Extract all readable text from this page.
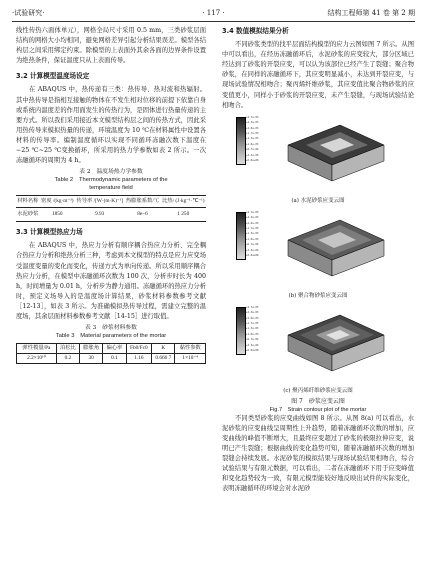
·试验研究·	· 117 ·	结构工程师第 41 卷 第 2 期

线性传热六面体单元），网格全局尺寸采用 0.5 mm，三类砂浆层面结构的网格大小均相同，避免网格差异引起分析结果误差。模型各结构层之间采用绑定约束。除模型的上表面外其余各面的边界条件设置为绝热条件，保证温度只从上表面传导。

3.2 计算模型温度场设定

在 ABAQUS 中，热传递有三类：热传导、热对流和热辐射。其中热传导是指相互接触的物体在不发生相对位移的前提下依靠自身或系统内温度差的作用面发生的传热行为，是固体进行热量传递的主要方式。所以我们采用接近本文模型结构层之间的传热方式，因此采用热传导来模拟热量的传递，环境温度为 10 ℃在材料属性中设置各材料的传导率。编制温度循环以实现不同循环冻融次数下温度在 −25 ℃~25 ℃变换循环，所采用的热力学参数如表 2 所示。一次冻融循环的周期为 4 h。

表 2　温度场热力学参数
Table 2　Thermodynamic parameters of the
temperature field
材料名称	密度 /(kg·m⁻³)	传导率 /[W·(m·K)⁻¹]	热膨胀系数/℃	比热/ (J·kg⁻¹·℃⁻¹)
水泥砂浆	1850	9.93	8e−6	1 250
3.3 计算模型热应力场

在 ABAQUS 中，热应力分析有顺序耦合热应力分析、完全耦合热应力分析和绝热分析三种，考虑到本文模型的特点是应力应变场受温度变量的变化而变化，传递方式为单向传递。所以采用顺序耦合热应力分析，在模型中冻融循环次数为 100 次，分析步时长为 400 h，时间增量为 0.01 h，分析步为静力通用。冻融循环的热应力分析时，预定义场导入的是温度场计算结果，砂浆材料参数参考文献［12-13］，如表 3 所示。为准确模拟热传导过程，需建立完整的温度场，其余层面材料参数参考文献［14-15］进行取值。

表 3　砂浆材料参数
Table 3　Material parameters of the mortar
弹性模量/Pa	泊松比	膨胀角	偏心率	Fb0/Fc0	K	黏性参数
2.2×10¹⁰	0.2	30	0.1	1.16	0.666 7	1×10⁻⁴
3.4 数值模拟结果分析

不同砂浆类型的找平层面结构模型的应力云图如图 7 所示。从图中可以看出，在经历冻融循环后，水泥砂浆的应变较大，部分区域已经达到了砂浆的开裂应变，可以认为该部位已经产生了裂缝；聚合物砂浆，在同样的冻融循环下，其应变明显减小，未达到开裂应变，与现场试验情况相吻合；聚丙烯纤维砂浆，其应变值比聚合物砂浆的应变值更小，同样小于砂浆的开裂应变，未产生裂缝，与现场试验结论相吻合。

+2.7e-03
+2.3e-03
+2.0e-03
+1.7e-03
+1.3e-03
+1.0e-03
+6.7e-04
+3.3e-04
+0.0e+00
(a) 水泥砂浆应变云图
+2.7e-03
+2.3e-03
+2.0e-03
+1.7e-03
+1.3e-03
+1.0e-03
+6.7e-04
+3.3e-04
+0.0e+00
(b) 聚合物砂浆应变云图
+2.7e-03
+2.3e-03
+2.0e-03
+1.7e-03
+1.3e-03
+1.0e-03
+6.7e-04
+3.3e-04
+0.0e+00
(c) 聚丙烯纤维砂浆应变云图
图 7　砂浆应变云图
Fig.7　Strain contour plot of the mortar

不同类型砂浆的应变曲线如图 8 所示。从图 8(a) 可以看出，水泥砂浆的应变曲线呈周期性上升趋势，随着冻融循环次数的增加，应变曲线的峰值不断增大，且最终应变超过了砂浆的极限拉伸应变，说明已产生裂缝；根据曲线的变化趋势可知，随着冻融循环次数的增加裂缝会持续发展。水泥砂浆的模拟结果与现场试验结果相吻合，综合试验结果与有限元数据，可以看出，二者在冻融循环下用于应变峰值和变化趋势较为一致，有限元模型能较好地反映出试件的实际变化，表明冻融循环的环境会对水泥砂
